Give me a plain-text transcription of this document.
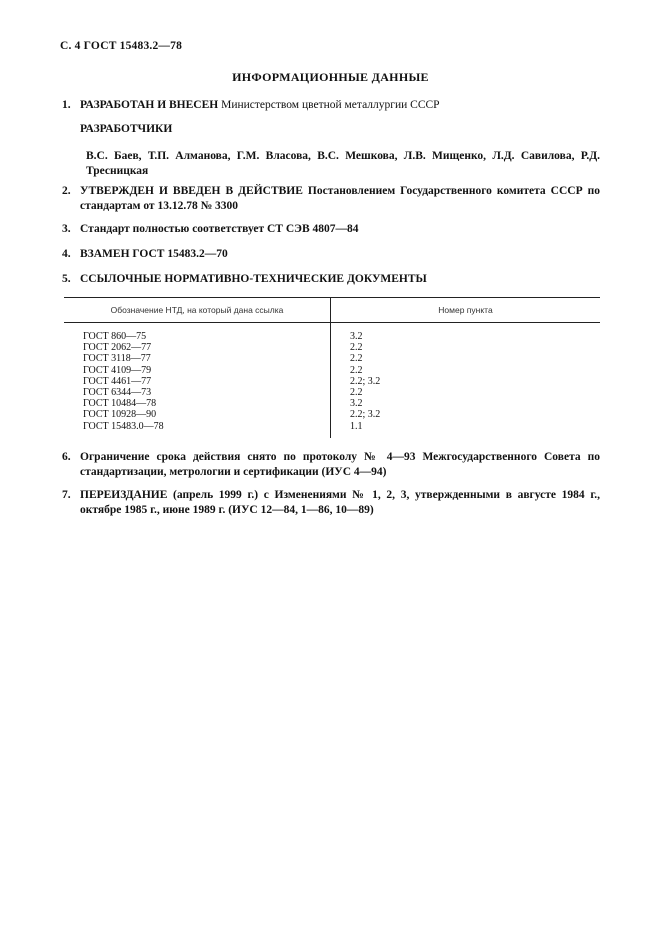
С. 4 ГОСТ 15483.2—78
ИНФОРМАЦИОННЫЕ ДАННЫЕ
1. РАЗРАБОТАН И ВНЕСЕН Министерством цветной металлургии СССР
РАЗРАБОТЧИКИ
В.С. Баев, Т.П. Алманова, Г.М. Власова, В.С. Мешкова, Л.В. Мищенко, Л.Д. Савилова, Р.Д. Тресницкая
2. УТВЕРЖДЕН И ВВЕДЕН В ДЕЙСТВИЕ Постановлением Государственного комитета СССР по стандартам от 13.12.78 № 3300
3. Стандарт полностью соответствует СТ СЭВ 4807—84
4. ВЗАМЕН ГОСТ 15483.2—70
5. ССЫЛОЧНЫЕ НОРМАТИВНО-ТЕХНИЧЕСКИЕ ДОКУМЕНТЫ
Обозначение НТД, на который дана ссылка	Номер пункта
ГОСТ 860—75
ГОСТ 2062—77
ГОСТ 3118—77
ГОСТ 4109—79
ГОСТ 4461—77
ГОСТ 6344—73
ГОСТ 10484—78
ГОСТ 10928—90
ГОСТ 15483.0—78
3.2
2.2
2.2
2.2
2.2; 3.2
2.2
3.2
2.2; 3.2
1.1
6. Ограничение срока действия снято по протоколу № 4—93 Межгосударственного Совета по стандартизации, метрологии и сертификации (ИУС 4—94)
7. ПЕРЕИЗДАНИЕ (апрель 1999 г.) с Изменениями № 1, 2, 3, утвержденными в августе 1984 г., октябре 1985 г., июне 1989 г. (ИУС 12—84, 1—86, 10—89)
